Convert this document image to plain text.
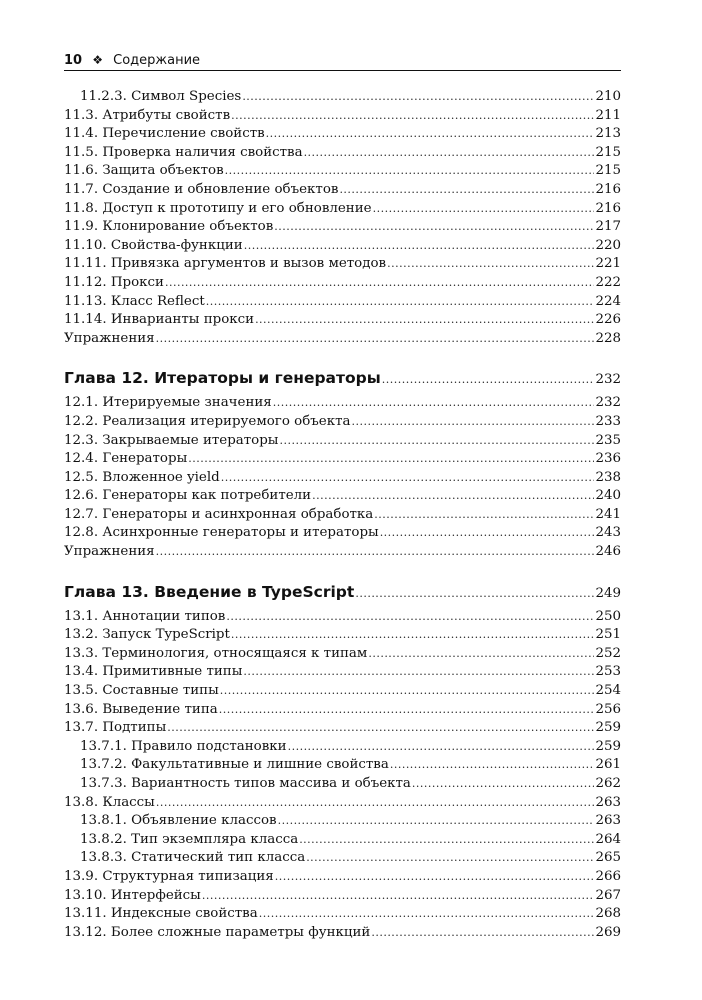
10 ❖ Содержание
11.2.3. Символ Species .....	210
11.3. Атрибуты свойств .....	211
11.4. Перечисление свойств .....	213
11.5. Проверка наличия свойства .....	215
11.6. Защита объектов .....	215
11.7. Создание и обновление объектов .....	216
11.8. Доступ к прототипу и его обновление .....	216
11.9. Клонирование объектов .....	217
11.10. Свойства-функции .....	220
11.11. Привязка аргументов и вызов методов .....	221
11.12. Прокси .....	222
11.13. Класс Reflect .....	224
11.14. Инварианты прокси .....	226
Упражнения .....	228
Глава 12. Итераторы и генераторы .....	232
12.1. Итерируемые значения .....	232
12.2. Реализация итерируемого объекта .....	233
12.3. Закрываемые итераторы .....	235
12.4. Генераторы .....	236
12.5. Вложенное yield .....	238
12.6. Генераторы как потребители .....	240
12.7. Генераторы и асинхронная обработка .....	241
12.8. Асинхронные генераторы и итераторы .....	243
Упражнения .....	246
Глава 13. Введение в TypeScript .....	249
13.1. Аннотации типов .....	250
13.2. Запуск TypeScript .....	251
13.3. Терминология, относящаяся к типам .....	252
13.4. Примитивные типы .....	253
13.5. Составные типы .....	254
13.6. Выведение типа .....	256
13.7. Подтипы .....	259
13.7.1. Правило подстановки .....	259
13.7.2. Факультативные и лишние свойства .....	261
13.7.3. Вариантность типов массива и объекта .....	262
13.8. Классы .....	263
13.8.1. Объявление классов .....	263
13.8.2. Тип экземпляра класса .....	264
13.8.3. Статический тип класса .....	265
13.9. Структурная типизация .....	266
13.10. Интерфейсы .....	267
13.11. Индексные свойства .....	268
13.12. Более сложные параметры функций .....	269
